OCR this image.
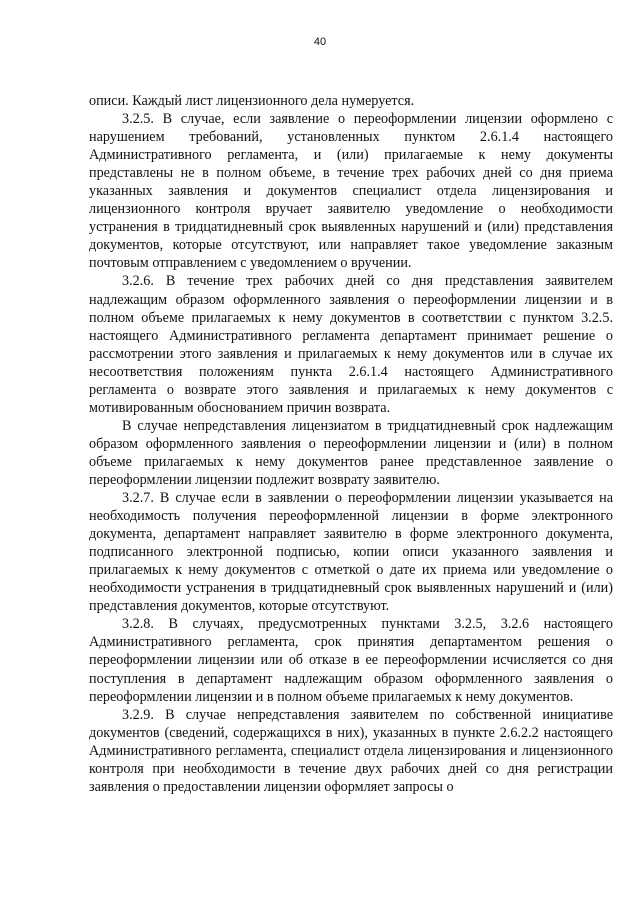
40

описи. Каждый лист лицензионного дела нумеруется.

3.2.5. В случае, если заявление о переоформлении лицензии оформлено с нарушением требований, установленных пунктом 2.6.1.4 настоящего Административного регламента, и (или) прилагаемые к нему документы представлены не в полном объеме, в течение трех рабочих дней со дня приема указанных заявления и документов специалист отдела лицензирования и лицензионного контроля вручает заявителю уведомление о необходимости устранения в тридцатидневный срок выявленных нарушений и (или) представления документов, которые отсутствуют, или направляет такое уведомление заказным почтовым отправлением с уведомлением о вручении.

3.2.6. В течение трех рабочих дней со дня представления заявителем надлежащим образом оформленного заявления о переоформлении лицензии и в полном объеме прилагаемых к нему документов в соответствии с пунктом 3.2.5. настоящего Административного регламента департамент принимает решение о рассмотрении этого заявления и прилагаемых к нему документов или в случае их несоответствия положениям пункта 2.6.1.4 настоящего Административного регламента о возврате этого заявления и прилагаемых к нему документов с мотивированным обоснованием причин возврата.

В случае непредставления лицензиатом в тридцатидневный срок надлежащим образом оформленного заявления о переоформлении лицензии и (или) в полном объеме прилагаемых к нему документов ранее представленное заявление о переоформлении лицензии подлежит возврату заявителю.

3.2.7. В случае если в заявлении о переоформлении лицензии указывается на необходимость получения переоформленной лицензии в форме электронного документа, департамент направляет заявителю в форме электронного документа, подписанного электронной подписью, копии описи указанного заявления и прилагаемых к нему документов с отметкой о дате их приема или уведомление о необходимости устранения в тридцатидневный срок выявленных нарушений и (или) представления документов, которые отсутствуют.

3.2.8. В случаях, предусмотренных пунктами 3.2.5, 3.2.6 настоящего Административного регламента, срок принятия департаментом решения о переоформлении лицензии или об отказе в ее переоформлении исчисляется со дня поступления в департамент надлежащим образом оформленного заявления о переоформлении лицензии и в полном объеме прилагаемых к нему документов.

3.2.9. В случае непредставления заявителем по собственной инициативе документов (сведений, содержащихся в них), указанных в пункте 2.6.2.2 настоящего Административного регламента, специалист отдела лицензирования и лицензионного контроля при необходимости в течение двух рабочих дней со дня регистрации заявления о предоставлении лицензии оформляет запросы о
